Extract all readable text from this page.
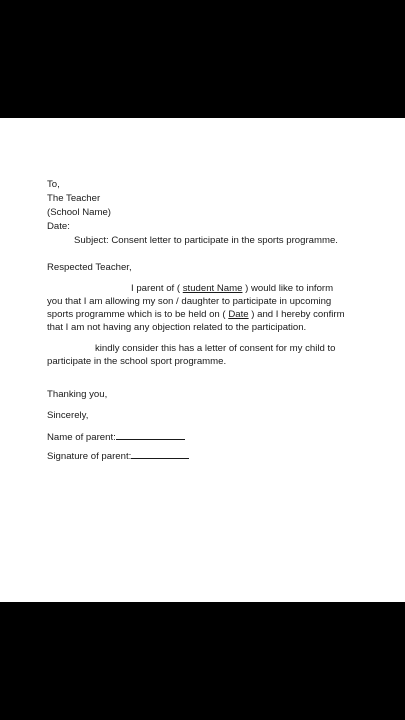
To,
The Teacher
(School Name)
Date:
Subject: Consent letter to participate in the sports programme.
Respected Teacher,
I parent of ( student Name ) would like to inform
you that I am allowing my son / daughter to participate in upcoming
sports programme which is to be held on ( Date ) and I hereby confirm
that I am not having any objection related to the participation.
kindly consider this has a letter of consent for my child to
participate in the school sport programme.
Thanking you,
Sincerely,
Name of parent:
Signature of parent:
